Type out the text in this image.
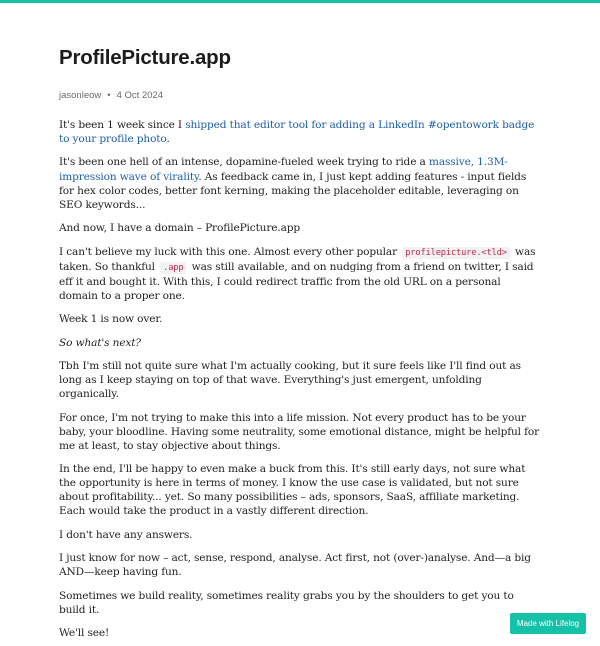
ProfilePicture.app
jasonleow • 4 Oct 2024

It's been 1 week since I shipped that editor tool for adding a LinkedIn #opentowork badge to your profile photo.

It's been one hell of an intense, dopamine-fueled week trying to ride a massive, 1.3M-impression wave of virality. As feedback came in, I just kept adding features - input fields for hex color codes, better font kerning, making the placeholder editable, leveraging on SEO keywords...

And now, I have a domain – ProfilePicture.app

I can't believe my luck with this one. Almost every other popular profilepicture.<tld> was taken. So thankful .app was still available, and on nudging from a friend on twitter, I said eff it and bought it. With this, I could redirect traffic from the old URL on a personal domain to a proper one.

Week 1 is now over.

So what's next?

Tbh I'm still not quite sure what I'm actually cooking, but it sure feels like I'll find out as long as I keep staying on top of that wave. Everything's just emergent, unfolding organically.

For once, I'm not trying to make this into a life mission. Not every product has to be your baby, your bloodline. Having some neutrality, some emotional distance, might be helpful for me at least, to stay objective about things.

In the end, I'll be happy to even make a buck from this. It's still early days, not sure what the opportunity is here in terms of money. I know the use case is validated, but not sure about profitability... yet. So many possibilities – ads, sponsors, SaaS, affiliate marketing. Each would take the product in a vastly different direction.

I don't have any answers.

I just know for now – act, sense, respond, analyse. Act first, not (over-)analyse. And—a big AND—keep having fun.

Sometimes we build reality, sometimes reality grabs you by the shoulders to get you to build it.

We'll see!

Made with Lifelog
